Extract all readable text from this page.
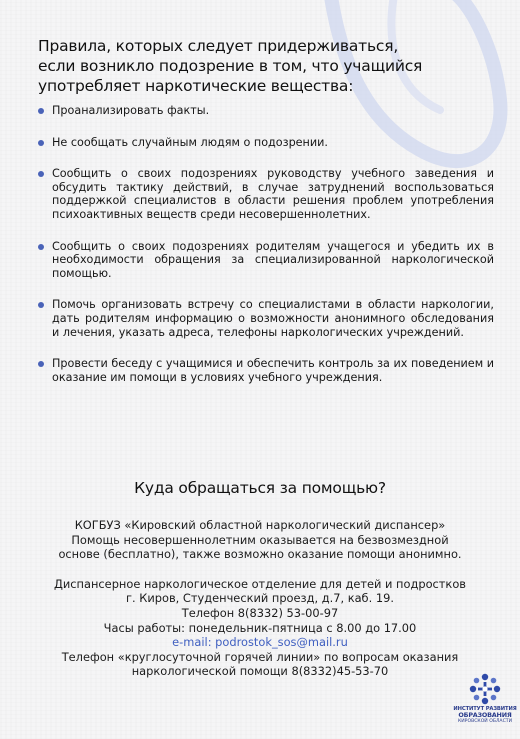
Правила, которых следует придерживаться,
если возникло подозрение в том, что учащийся
употребляет наркотические вещества:
Проанализировать факты.
Не сообщать случайным людям о подозрении.
Сообщить о своих подозрениях руководству учебного заведения и обсудить тактику действий, в случае затруднений воспользоваться поддержкой специалистов в области решения проблем употребления психоактивных веществ среди несовершеннолетних.
Сообщить о своих подозрениях родителям учащегося и убедить их в необходимости обращения за специализированной наркологической помощью.
Помочь организовать встречу со специалистами в области наркологии, дать родителям информацию о возможности анонимного обследования и лечения, указать адреса, телефоны наркологических учреждений.
Провести беседу с учащимися и обеспечить контроль за их поведением и оказание им помощи в условиях учебного учреждения.
Куда обращаться за помощью?

КОГБУЗ «Кировский областной наркологический диспансер»

Помощь несовершеннолетним оказывается на безвозмездной

основе (бесплатно), также возможно оказание помощи анонимно.

Диспансерное наркологическое отделение для детей и подростков

г. Киров, Студенческий проезд, д.7, каб. 19.

Телефон 8(8332) 53-00-97

Часы работы: понедельник-пятница с 8.00 до 17.00

e-mail: podrostok_sos@mail.ru

Телефон «круглосуточной горячей линии» по вопросам оказания

наркологической помощи 8(8332)45-53-70

ИНСТИТУТ РАЗВИТИЯ
ОБРАЗОВАНИЯ
КИРОВСКОЙ ОБЛАСТИ
